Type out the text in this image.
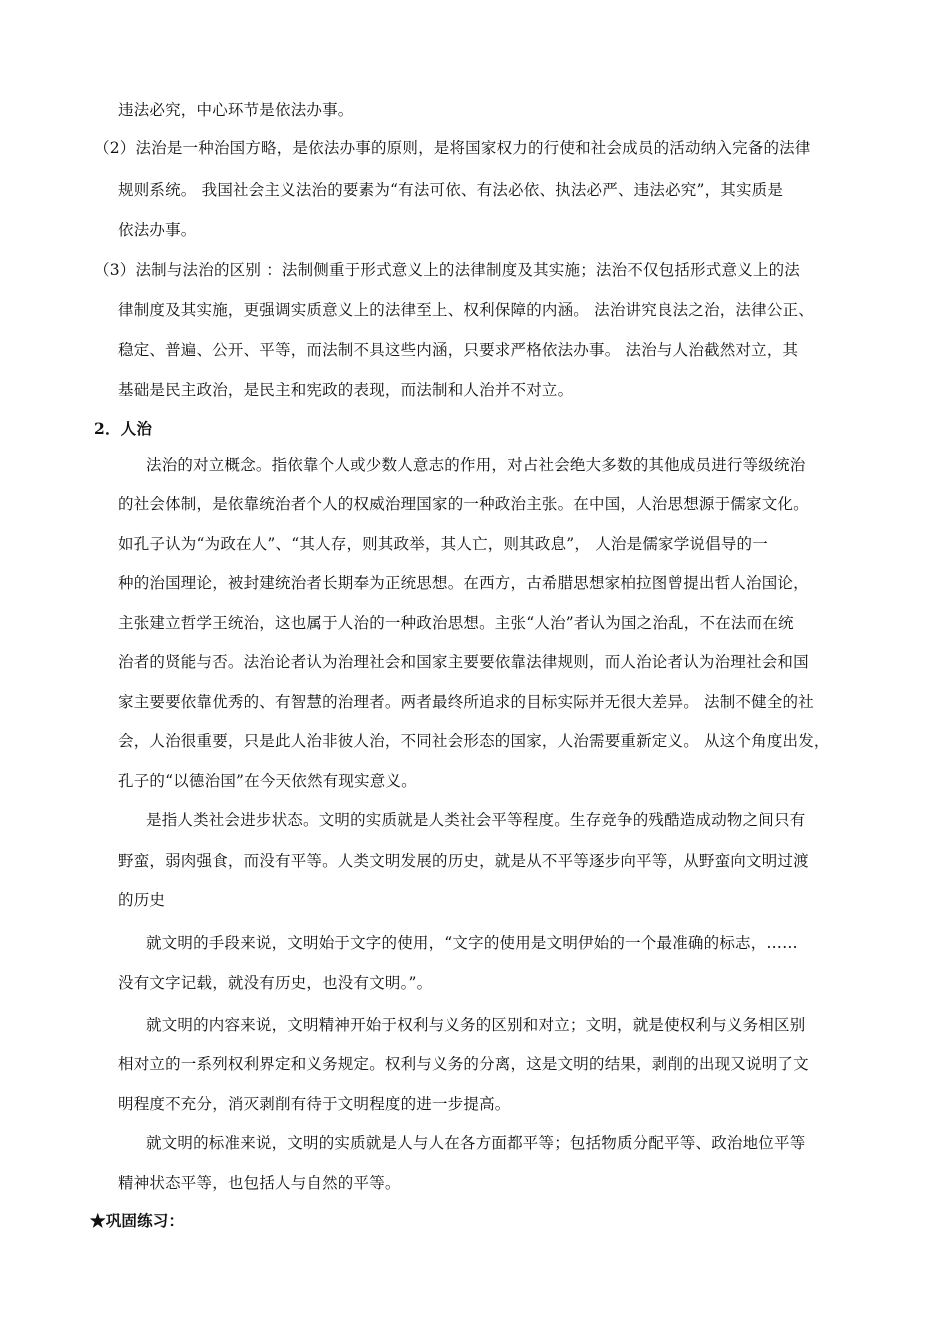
违法必究，中心环节是依法办事。
（2）法治是一种治国方略，是依法办事的原则，是将国家权力的行使和社会成员的活动纳入完备的法律
规则系统。 我国社会主义法治的要素为“有法可依、有法必依、执法必严、违法必究”，其实质是
依法办事。
（3）法制与法治的区别 ：法制侧重于形式意义上的法律制度及其实施；法治不仅包括形式意义上的法
律制度及其实施，更强调实质意义上的法律至上、权利保障的内涵。 法治讲究良法之治，法律公正、
稳定、普遍、公开、平等，而法制不具这些内涵，只要求严格依法办事。 法治与人治截然对立，其
基础是民主政治，是民主和宪政的表现，而法制和人治并不对立。
2．人治
法治的对立概念。指依靠个人或少数人意志的作用，对占社会绝大多数的其他成员进行等级统治
的社会体制，是依靠统治者个人的权威治理国家的一种政治主张。在中国，人治思想源于儒家文化。
如孔子认为“为政在人”、“其人存，则其政举，其人亡，则其政息”， 人治是儒家学说倡导的一
种的治国理论，被封建统治者长期奉为正统思想。在西方，古希腊思想家柏拉图曾提出哲人治国论，
主张建立哲学王统治，这也属于人治的一种政治思想。主张“人治”者认为国之治乱，不在法而在统
治者的贤能与否。法治论者认为治理社会和国家主要要依靠法律规则，而人治论者认为治理社会和国
家主要要依靠优秀的、有智慧的治理者。两者最终所追求的目标实际并无很大差异。 法制不健全的社
会，人治很重要，只是此人治非彼人治，不同社会形态的国家，人治需要重新定义。 从这个角度出发，
孔子的“以德治国”在今天依然有现实意义。
是指人类社会进步状态。文明的实质就是人类社会平等程度。生存竞争的残酷造成动物之间只有
野蛮，弱肉强食，而没有平等。人类文明发展的历史，就是从不平等逐步向平等，从野蛮向文明过渡
的历史
就文明的手段来说，文明始于文字的使用，“文字的使用是文明伊始的一个最准确的标志，……
没有文字记载，就没有历史，也没有文明。”。
就文明的内容来说，文明精神开始于权利与义务的区别和对立；文明，就是使权利与义务相区别
相对立的一系列权利界定和义务规定。权利与义务的分离，这是文明的结果，剥削的出现又说明了文
明程度不充分，消灭剥削有待于文明程度的进一步提高。
就文明的标准来说，文明的实质就是人与人在各方面都平等；包括物质分配平等、政治地位平等
精神状态平等，也包括人与自然的平等。
★巩固练习：
